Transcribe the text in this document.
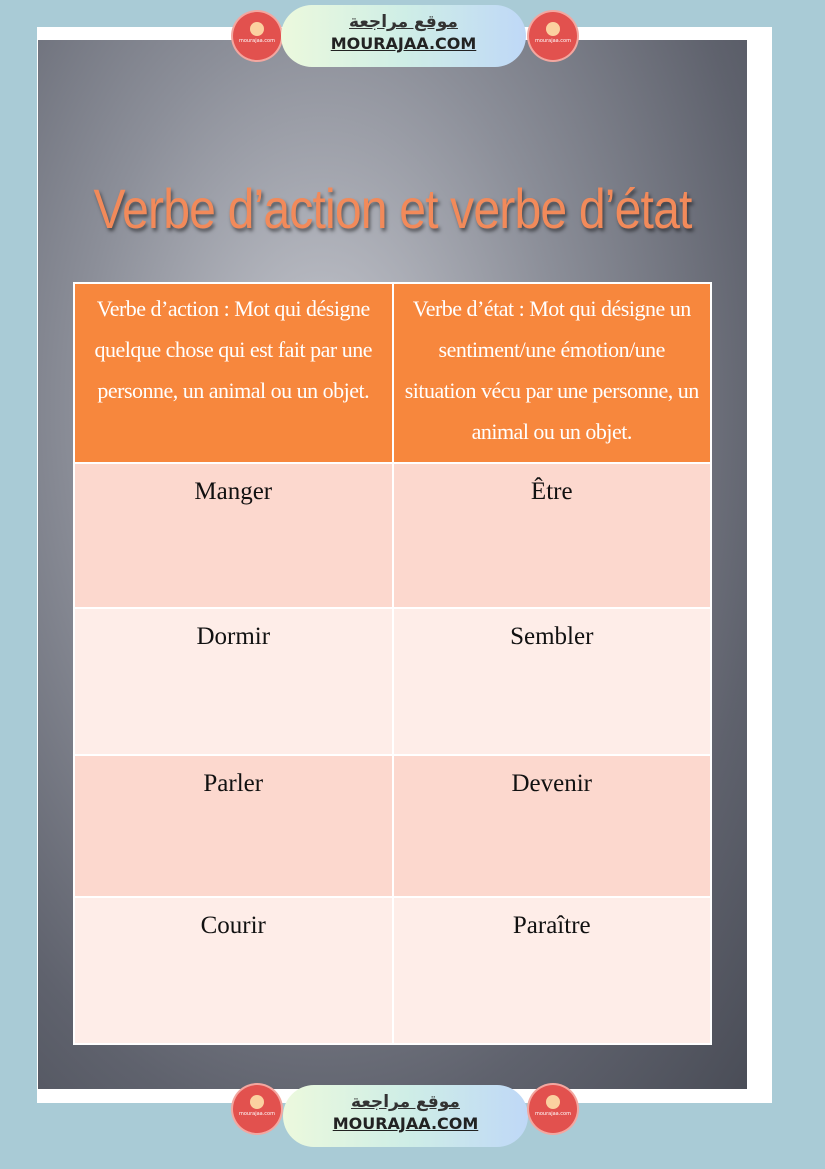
Verbe d’action et verbe d’état
Verbe d’action : Mot qui désigne quelque chose qui est fait par une personne, un animal ou un objet.	Verbe d’état : Mot qui désigne un sentiment/une émotion/une situation vécu par une personne, un animal ou un objet.
Manger	Être
Dormir	Sembler
Parler	Devenir
Courir	Paraître
mourajaa.com
موقع مراجعة
MOURAJAA.COM	mourajaa.com
mourajaa.com
موقع مراجعة
MOURAJAA.COM	mourajaa.com
